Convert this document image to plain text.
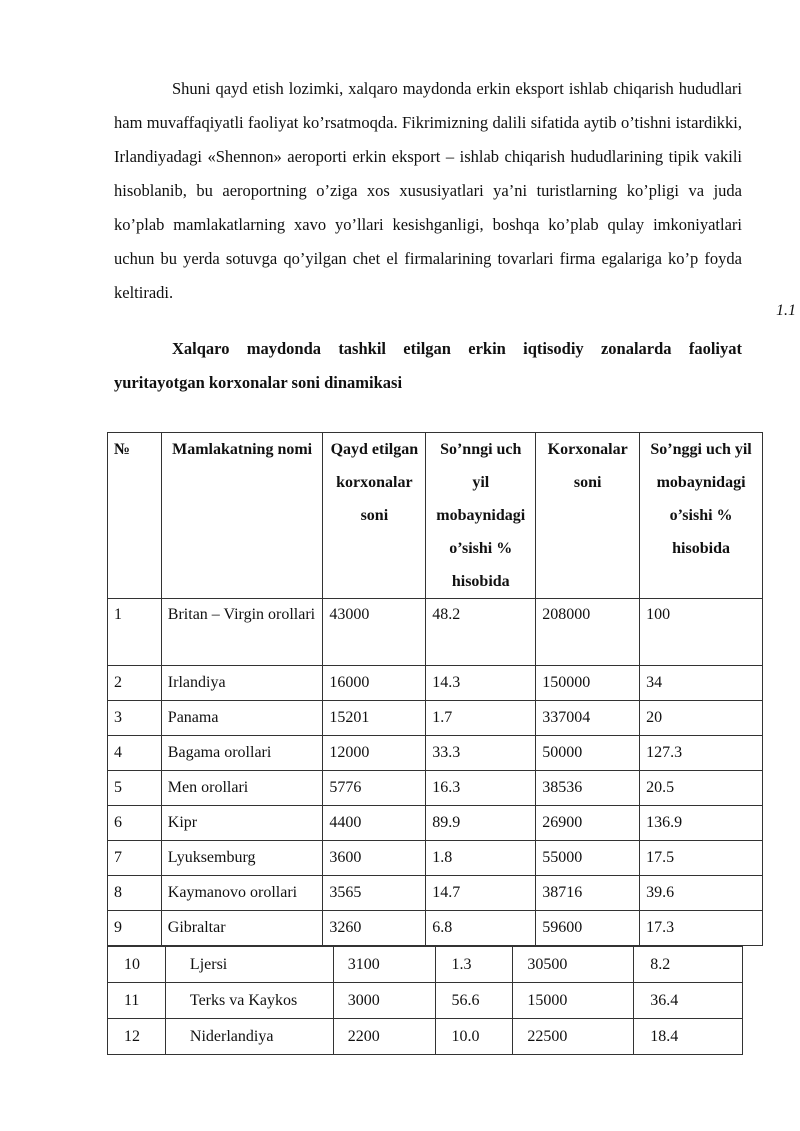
Shuni qayd etish lozimki, xalqaro maydonda erkin eksport ishlab chiqarish hududlari ham muvaffaqiyatli faoliyat ko’rsatmoqda. Fikrimizning dalili sifatida aytib o’tishni istardikki, Irlandiyadagi «Shennon» aeroporti erkin eksport – ishlab chiqarish hududlarining tipik vakili hisoblanib, bu aeroportning o’ziga xos xususiyatlari ya’ni turistlarning ko’pligi va juda ko’plab mamlakatlarning xavo yo’llari kesishganligi, boshqa ko’plab qulay imkoniyatlari uchun bu yerda sotuvga qo’yilgan chet el firmalarining tovarlari firma egalariga ko’p foyda keltiradi.

1.1

Xalqaro maydonda tashkil etilgan erkin iqtisodiy zonalarda faoliyat yuritayotgan korxonalar soni dinamikasi

№	Mamlakatning nomi	Qayd etilgan korxonalar soni	So’nngi uch yil mobaynidagi o’sishi % hisobida	Korxonalar soni	So’nggi uch yil mobaynidagi o’sishi % hisobida
1	Britan – Virgin orollari	43000	48.2	208000	100
2	Irlandiya	16000	14.3	150000	34
3	Panama	15201	1.7	337004	20
4	Bagama orollari	12000	33.3	50000	127.3
5	Men orollari	5776	16.3	38536	20.5
6	Kipr	4400	89.9	26900	136.9
7	Lyuksemburg	3600	1.8	55000	17.5
8	Kaymanovo orollari	3565	14.7	38716	39.6
9	Gibraltar	3260	6.8	59600	17.3
10	Ljersi	3100	1.3	30500	8.2
11	Terks va Kaykos	3000	56.6	15000	36.4
12	Niderlandiya	2200	10.0	22500	18.4
